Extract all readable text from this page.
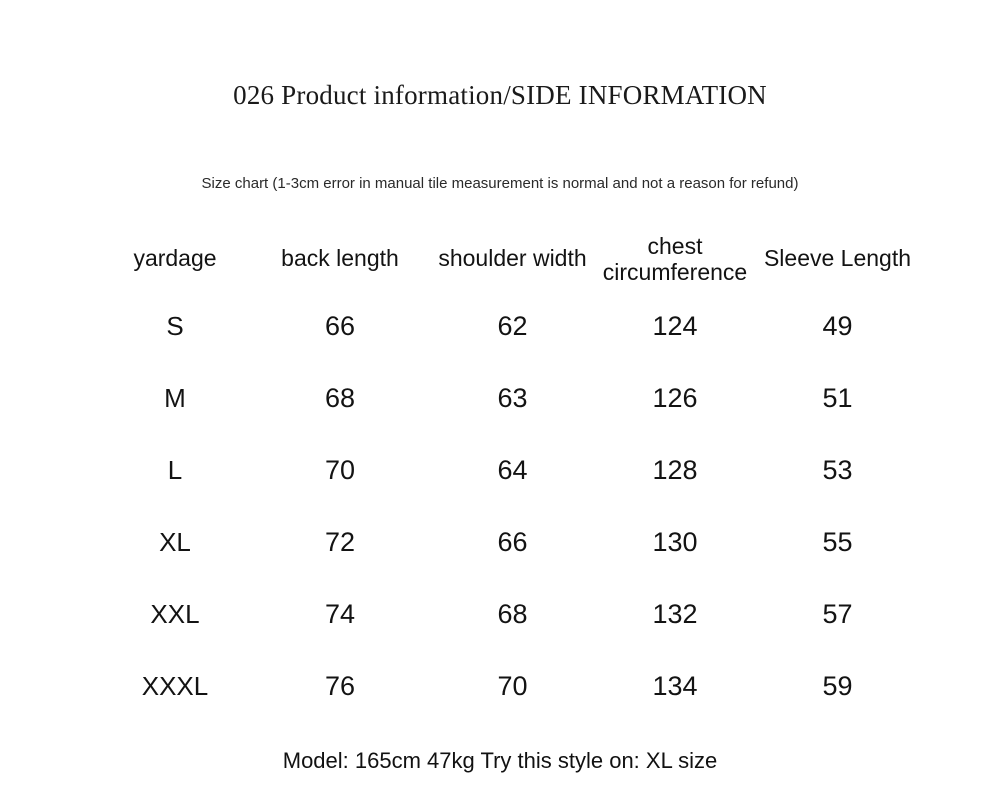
026 Product information/SIDE INFORMATION
Size chart (1-3cm error in manual tile measurement is normal and not a reason for refund)
yardage	back length	shoulder width	chest circumference	Sleeve Length
S	66	62	124	49
M	68	63	126	51
L	70	64	128	53
XL	72	66	130	55
XXL	74	68	132	57
XXXL	76	70	134	59
Model: 165cm 47kg Try this style on: XL size
